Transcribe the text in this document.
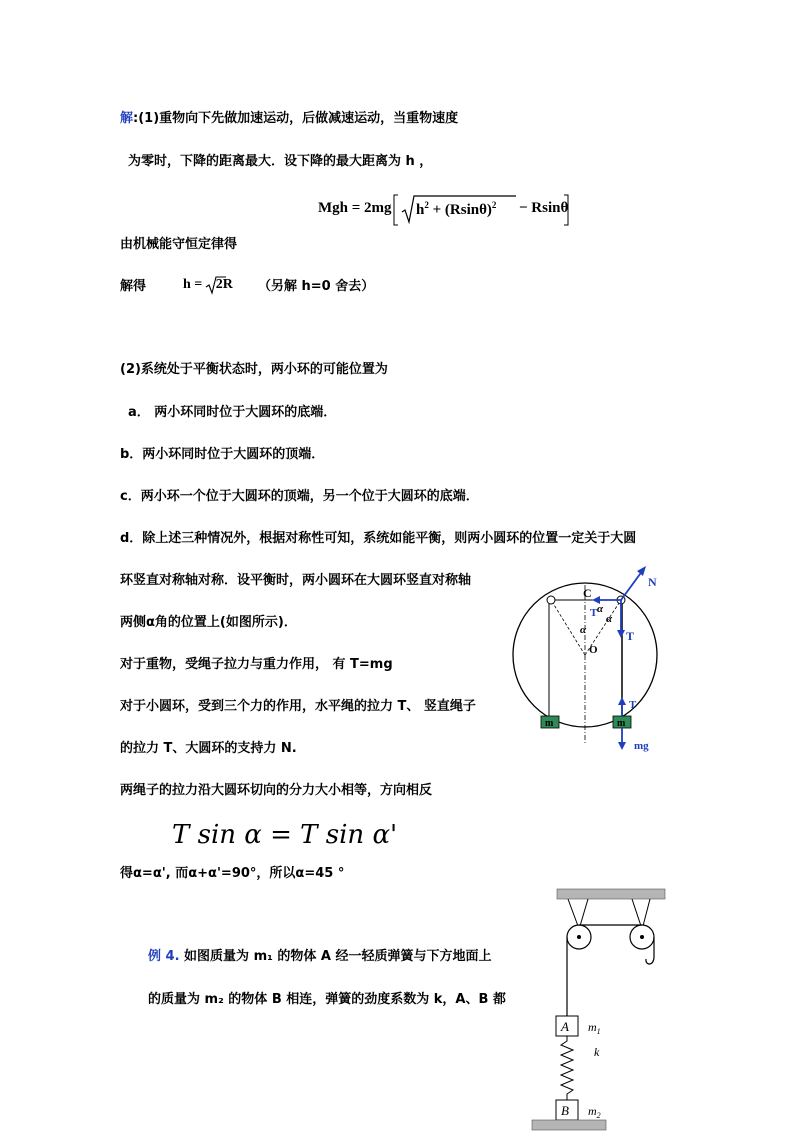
解:(1)重物向下先做加速运动，后做减速运动，当重物速度
为零时，下降的距离最大．设下降的最大距离为 h ，
Mgh = 2mg $h^2 + (Rsin\theta)^2 - Rsin\theta$
由机械能守恒定律得
解得	h = 2R （另解 h=0 舍去）
(2)系统处于平衡状态时，两小环的可能位置为
a． 两小环同时位于大圆环的底端．
b．两小环同时位于大圆环的顶端．
c．两小环一个位于大圆环的顶端，另一个位于大圆环的底端．
d．除上述三种情况外，根据对称性可知，系统如能平衡，则两小圆环的位置一定关于大圆
环竖直对称轴对称．设平衡时，两小圆环在大圆环竖直对称轴
两侧α角的位置上(如图所示)．
对于重物，受绳子拉力与重力作用， 有 T=mg
对于小圆环，受到三个力的作用，水平绳的拉力 T、 竖直绳子
的拉力 T、大圆环的支持力 N.
两绳子的拉力沿大圆环切向的分力大小相等，方向相反
T sin α = T sin α'
得α=α', 而α+α'=90°，所以α=45 °
m	m
C
N
T α
α
α
O
T
T
mg
例 4. 如图质量为 m₁ 的物体 A 经一轻质弹簧与下方地面上
的质量为 m₂ 的物体 B 相连，弹簧的劲度系数为 k，A、B 都
A $m_1$
k
B $m_2$
